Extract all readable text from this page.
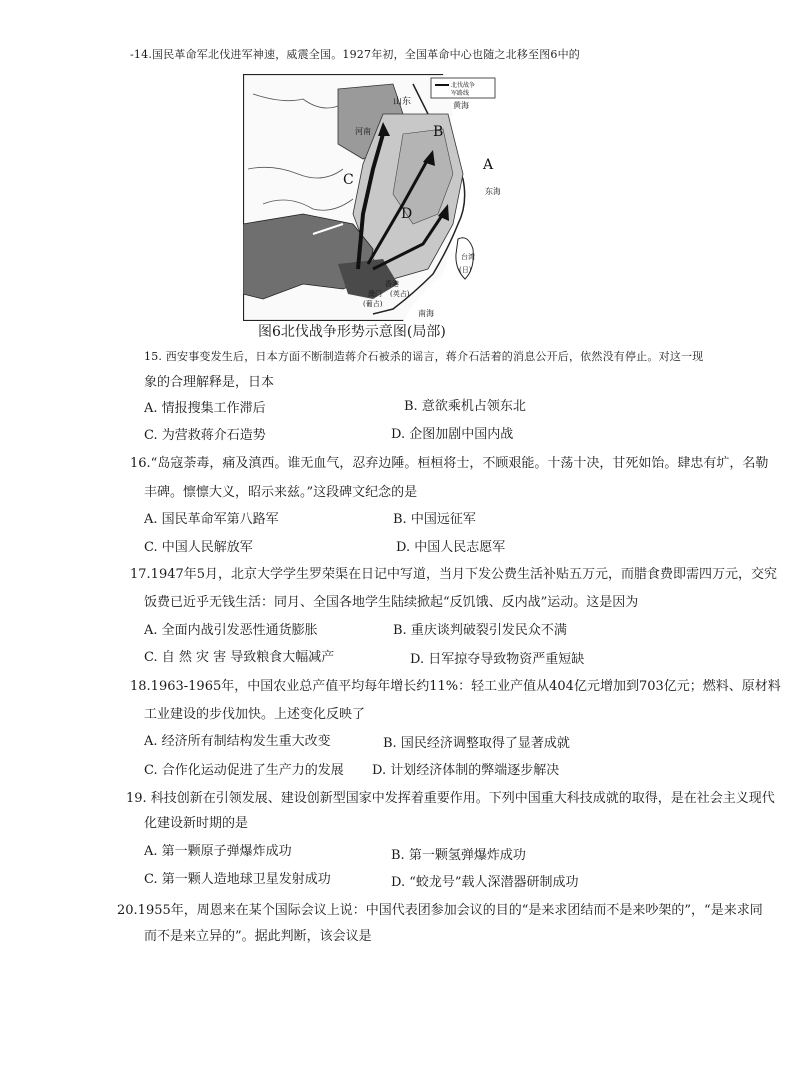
-14.国民革命军北伐进军神速，威震全国。1927年初，全国革命中心也随之北移至图6中的
北伐战争
军路线
山东	黄海
河南	B
A
C
D
东海
台湾
(日)
香港
澳门 (英占)
(葡占)
南海
图6北伐战争形势示意图(局部)
15. 西安事变发生后，日本方面不断制造蒋介石被杀的谣言，蒋介石活着的消息公开后，依然没有停止。对这一现
象的合理解释是，日本
A. 情报搜集工作滞后	B. 意欲乘机占领东北
C. 为营救蒋介石造势	D. 企图加剧中国内战
16.“岛寇荼毒，痛及滇西。谁无血气，忍弃边陲。桓桓将士，不顾艰能。十荡十决，甘死如饴。肆忠有圹，名勒
丰碑。懔懔大义，昭示来兹。”这段碑文纪念的是
A. 国民革命军第八路军	B. 中国远征军
C. 中国人民解放军	D. 中国人民志愿军
17.1947年5月，北京大学学生罗荣渠在日记中写道，当月下发公费生活补贴五万元，而腊食费即需四万元，交究
饭费已近乎无钱生活：同月、全国各地学生陆续掀起“反饥饿、反内战”运动。这是因为
A. 全面内战引发恶性通货膨胀	B. 重庆谈判破裂引发民众不满
C. 自 然 灾 害 导致粮食大幅减产	D. 日军掠夺导致物资严重短缺
18.1963-1965年，中国农业总产值平均每年增长约11%：轻工业产值从404亿元增加到703亿元；燃料、原材料
工业建设的步伐加快。上述变化反映了
A. 经济所有制结构发生重大改变	B. 国民经济调整取得了显著成就
C. 合作化运动促进了生产力的发展 D. 计划经济体制的弊端逐步解决
19. 科技创新在引领发展、建设创新型国家中发挥着重要作用。下列中国重大科技成就的取得，是在社会主义现代
化建设新时期的是
A. 第一颗原子弹爆炸成功	B. 第一颗氢弹爆炸成功
C. 第一颗人造地球卫星发射成功	D. “蛟龙号”载人深潜器研制成功
20.1955年，周恩来在某个国际会议上说：中国代表团参加会议的目的“是来求团结而不是来吵架的”，“是来求同
而不是来立异的”。据此判断，该会议是
